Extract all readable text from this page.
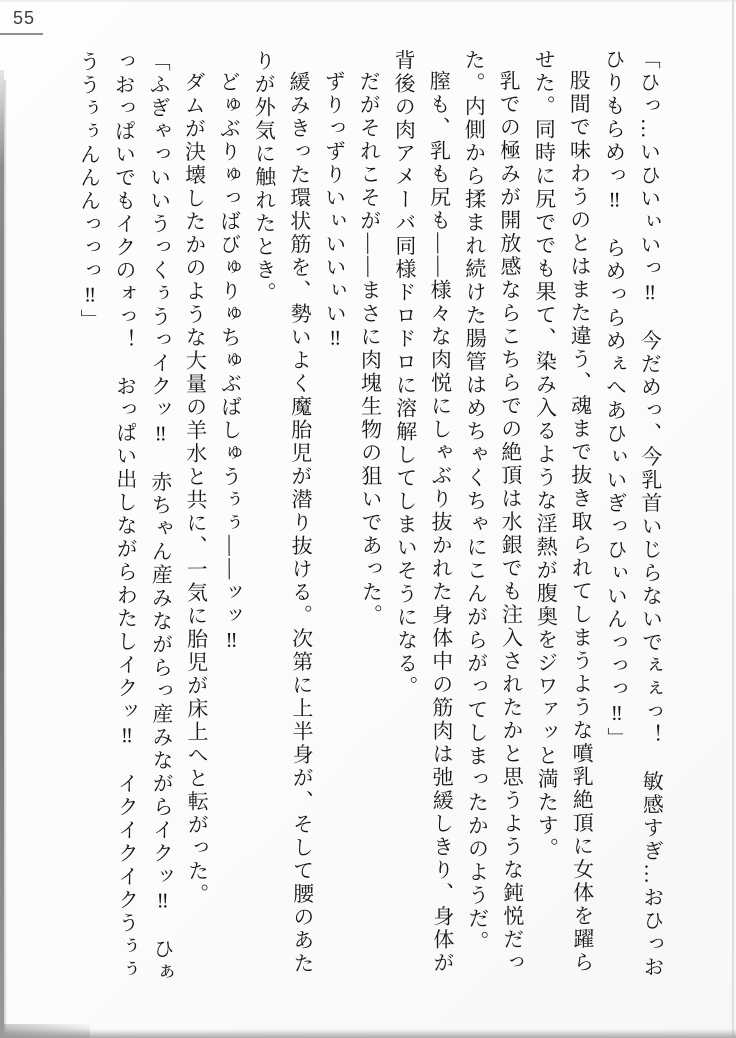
55

「ひっ…いひいぃいっ‼　今だめっ、今乳首いじらないでぇぇっ！　敏感すぎ…おひっお

ひりもらめっ‼　らめっらめぇへあひぃいぎっひぃいんっっっ‼」

股間で味わうのとはまた違う、魂まで抜き取られてしまうような噴乳絶頂に女体を躍ら

せた。同時に尻ででも果て、染み入るような淫熱が腹奥をジワァッと満たす。

乳での極みが開放感ならこちらでの絶頂は水銀でも注入されたかと思うような鈍悦だっ

た。内側から揉まれ続けた腸管はめちゃくちゃにこんがらがってしまったかのようだ。

膣も、乳も尻も――様々な肉悦にしゃぶり抜かれた身体中の筋肉は弛緩しきり、身体が

背後の肉アメーバ同様ドロドロに溶解してしまいそうになる。

だがそれこそが――まさに肉塊生物の狙いであった。

ずりっずりいぃいいぃい‼

緩みきった環状筋を、勢いよく魔胎児が潜り抜ける。次第に上半身が、そして腰のあた

りが外気に触れたとき。

どゅぶりゅっばびゅりゅちゅぶばしゅうぅぅ――ッッ‼

ダムが決壊したかのような大量の羊水と共に、一気に胎児が床上へと転がった。

「ふぎゃっいいうっくぅうっイクッ‼　赤ちゃん産みながらっ産みながらイクッ‼　ひぁ

っおっぱいでもイクのォっ！　おっぱい出しながらわたしイクッ‼　イクイクイクうぅぅ

ううぅぅんんんっっっ‼」
